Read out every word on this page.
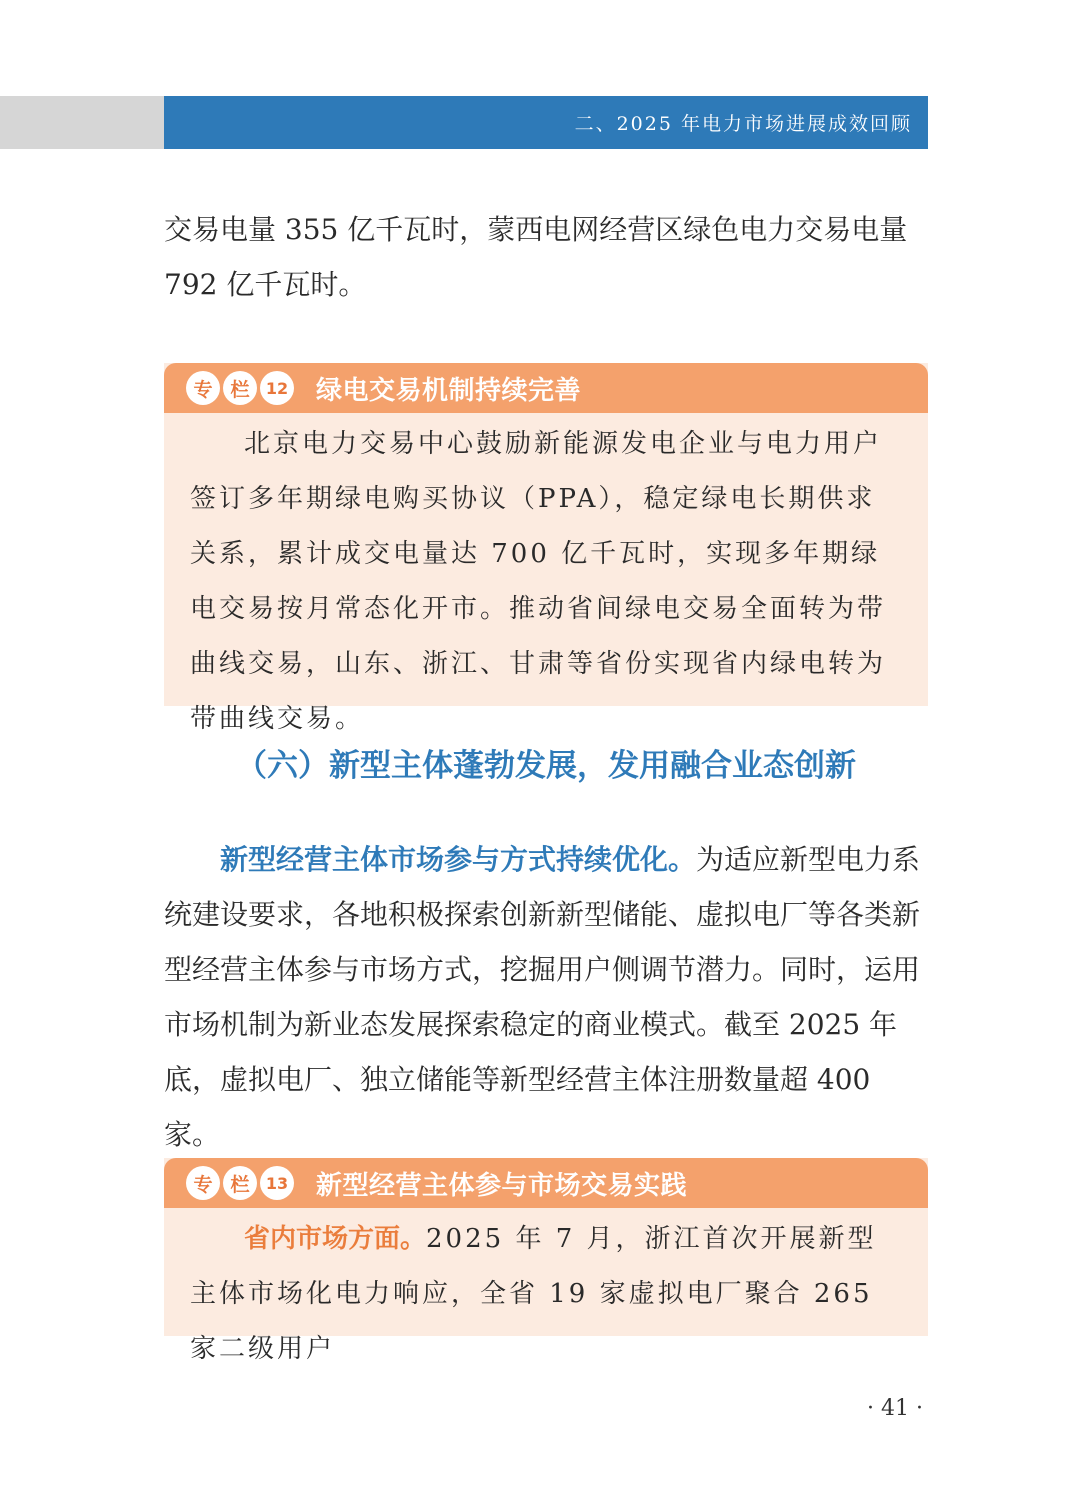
二、2025 年电力市场进展成效回顾

交易电量 355 亿千瓦时，蒙西电网经营区绿色电力交易电量 792 亿千瓦时。

专 栏	12 绿电交易机制持续完善

北京电力交易中心鼓励新能源发电企业与电力用户签订多年期绿电购买协议（PPA），稳定绿电长期供求关系，累计成交电量达 700 亿千瓦时，实现多年期绿电交易按月常态化开市。推动省间绿电交易全面转为带曲线交易，山东、浙江、甘肃等省份实现省内绿电转为带曲线交易。

（六）新型主体蓬勃发展，发用融合业态创新

新型经营主体市场参与方式持续优化。为适应新型电力系统建设要求，各地积极探索创新新型储能、虚拟电厂等各类新型经营主体参与市场方式，挖掘用户侧调节潜力。同时，运用市场机制为新业态发展探索稳定的商业模式。截至 2025 年底，虚拟电厂、独立储能等新型经营主体注册数量超 400 家。

专 栏	13 新型经营主体参与市场交易实践

省内市场方面。2025 年 7 月，浙江首次开展新型主体市场化电力响应，全省 19 家虚拟电厂聚合 265 家二级用户

· 41 ·
